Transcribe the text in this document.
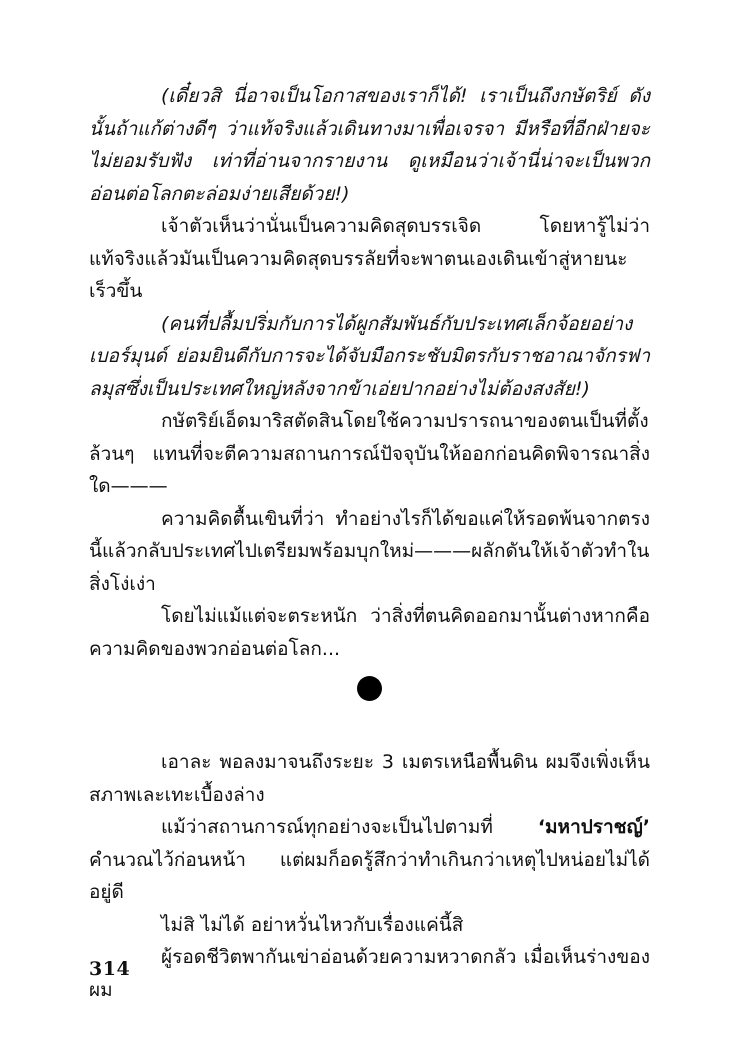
(เดี๋ยวสิ นี่อาจเป็นโอกาสของเราก็ได้! เราเป็นถึงกษัตริย์ ดังนั้นถ้าแก้ต่างดีๆ ว่าแท้จริงแล้วเดินทางมาเพื่อเจรจา มีหรือที่อีกฝ่ายจะไม่ยอมรับฟัง เท่าที่อ่านจากรายงาน ดูเหมือนว่าเจ้านี่น่าจะเป็นพวกอ่อนต่อโลกตะล่อมง่ายเสียด้วย!)

เจ้าตัวเห็นว่านั่นเป็นความคิดสุดบรรเจิด โดยหารู้ไม่ว่าแท้จริงแล้วมันเป็นความคิดสุดบรรลัยที่จะพาตนเองเดินเข้าสู่หายนะเร็วขึ้น

(คนที่ปลื้มปริ่มกับการได้ผูกสัมพันธ์กับประเทศเล็กจ้อยอย่างเบอร์มุนด์ ย่อมยินดีกับการจะได้จับมือกระชับมิตรกับราชอาณาจักรฟาลมุสซึ่งเป็นประเทศใหญ่หลังจากข้าเอ่ยปากอย่างไม่ต้องสงสัย!)

กษัตริย์เอ็ดมาริสตัดสินโดยใช้ความปรารถนาของตนเป็นที่ตั้งล้วนๆ แทนที่จะตีความสถานการณ์ปัจจุบันให้ออกก่อนคิดพิจารณาสิ่งใด———

ความคิดตื้นเขินที่ว่า ทำอย่างไรก็ได้ขอแค่ให้รอดพ้นจากตรงนี้แล้วกลับประเทศไปเตรียมพร้อมบุกใหม่———ผลักดันให้เจ้าตัวทำในสิ่งโง่เง่า

โดยไม่แม้แต่จะตระหนัก ว่าสิ่งที่ตนคิดออกมานั้นต่างหากคือความคิดของพวกอ่อนต่อโลก...

เอาละ พอลงมาจนถึงระยะ 3 เมตรเหนือพื้นดิน ผมจึงเพิ่งเห็นสภาพเละเทะเบื้องล่าง

แม้ว่าสถานการณ์ทุกอย่างจะเป็นไปตามที่ ‘มหาปราชญ์’ คำนวณไว้ก่อนหน้า แต่ผมก็อดรู้สึกว่าทำเกินกว่าเหตุไปหน่อยไม่ได้อยู่ดี

ไม่สิ ไม่ได้ อย่าหวั่นไหวกับเรื่องแค่นี้สิ

ผู้รอดชีวิตพากันเข่าอ่อนด้วยความหวาดกลัว เมื่อเห็นร่างของผม

314
